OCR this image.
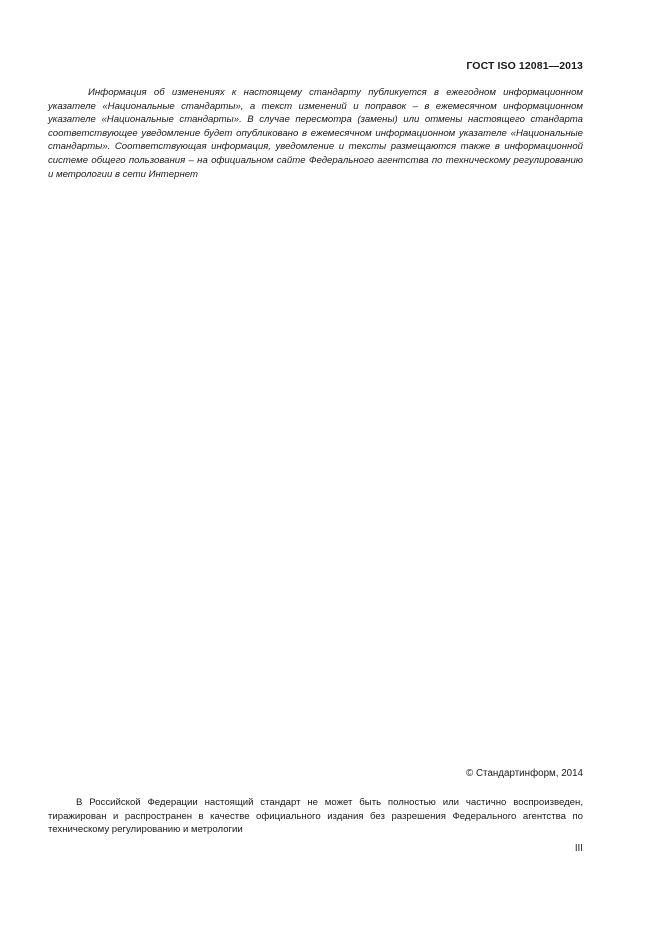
ГОСТ ISO 12081—2013

Информация об изменениях к настоящему стандарту публикуется в ежегодном информационном указателе «Национальные стандарты», а текст изменений и поправок – в ежемесячном информационном указателе «Национальные стандарты». В случае пересмотра (замены) или отмены настоящего стандарта соответствующее уведомление будет опубликовано в ежемесячном информационном указателе «Национальные стандарты». Соответствующая информация, уведомление и тексты размещаются также в информационной системе общего пользования – на официальном сайте Федерального агентства по техническому регулированию и метрологии в сети Интернет

© Стандартинформ, 2014

В Российской Федерации настоящий стандарт не может быть полностью или частично воспроизведен, тиражирован и распространен в качестве официального издания без разрешения Федерального агентства по техническому регулированию и метрологии

III
